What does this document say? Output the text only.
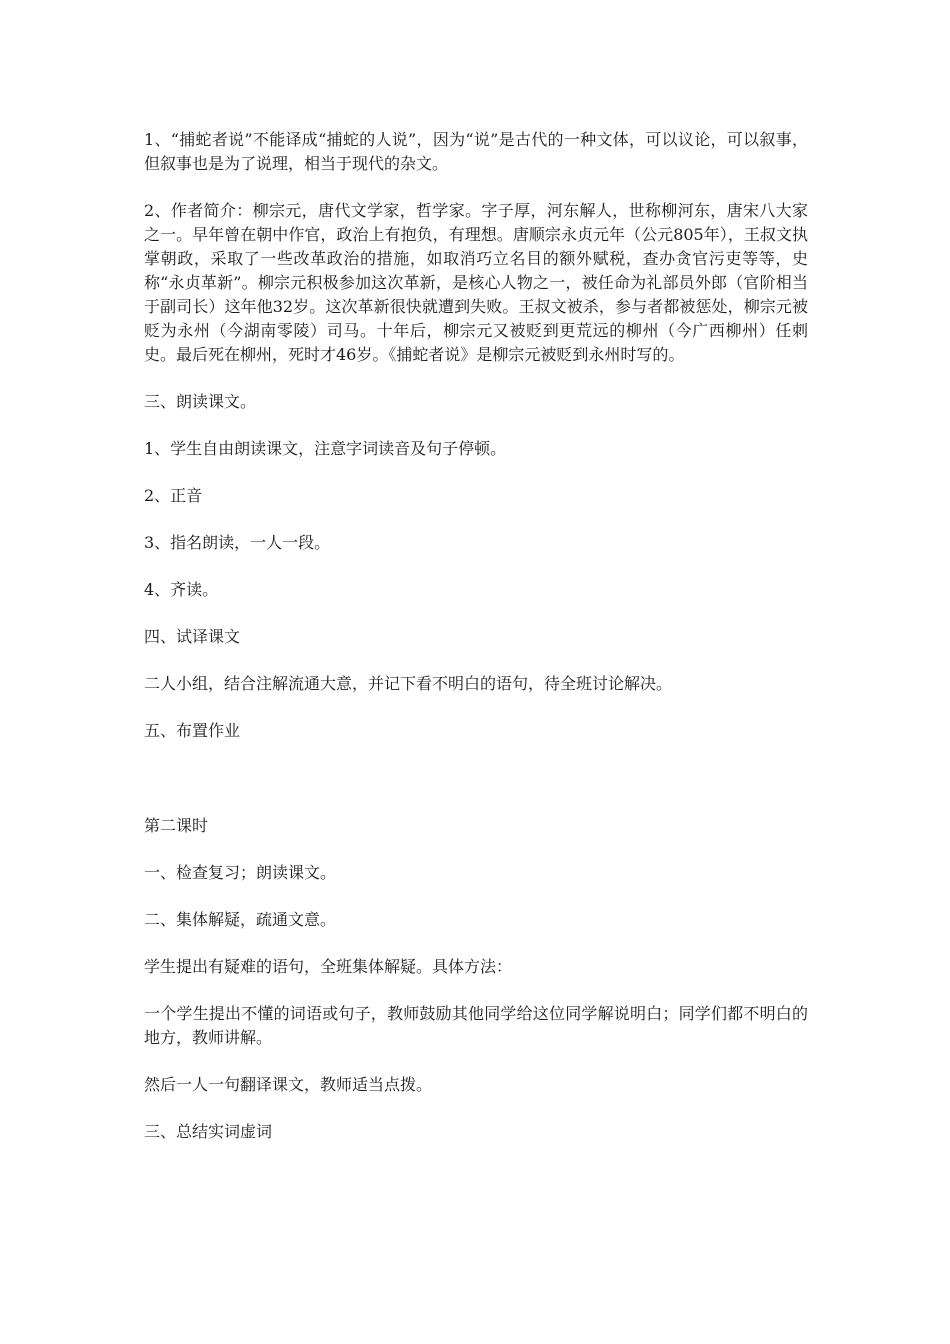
1、“捕蛇者说”不能译成“捕蛇的人说”，因为“说”是古代的一种文体，可以议论，可以叙事，但叙事也是为了说理，相当于现代的杂文。

2、作者简介：柳宗元，唐代文学家，哲学家。字子厚，河东解人，世称柳河东，唐宋八大家之一。早年曾在朝中作官，政治上有抱负，有理想。唐顺宗永贞元年（公元805年），王叔文执掌朝政，采取了一些改革政治的措施，如取消巧立名目的额外赋税，查办贪官污吏等等，史称“永贞革新”。柳宗元积极参加这次革新，是核心人物之一，被任命为礼部员外郎（官阶相当于副司长）这年他32岁。这次革新很快就遭到失败。王叔文被杀，参与者都被惩处，柳宗元被贬为永州（今湖南零陵）司马。十年后，柳宗元又被贬到更荒远的柳州（今广西柳州）任刺史。最后死在柳州，死时才46岁。《捕蛇者说》是柳宗元被贬到永州时写的。

三、朗读课文。

1、学生自由朗读课文，注意字词读音及句子停顿。

2、正音

3、指名朗读，一人一段。

4、齐读。

四、试译课文

二人小组，结合注解流通大意，并记下看不明白的语句，待全班讨论解决。

五、布置作业

第二课时

一、检查复习；朗读课文。

二、集体解疑，疏通文意。

学生提出有疑难的语句，全班集体解疑。具体方法：

一个学生提出不懂的词语或句子，教师鼓励其他同学给这位同学解说明白；同学们都不明白的地方，教师讲解。

然后一人一句翻译课文，教师适当点拨。

三、总结实词虚词
